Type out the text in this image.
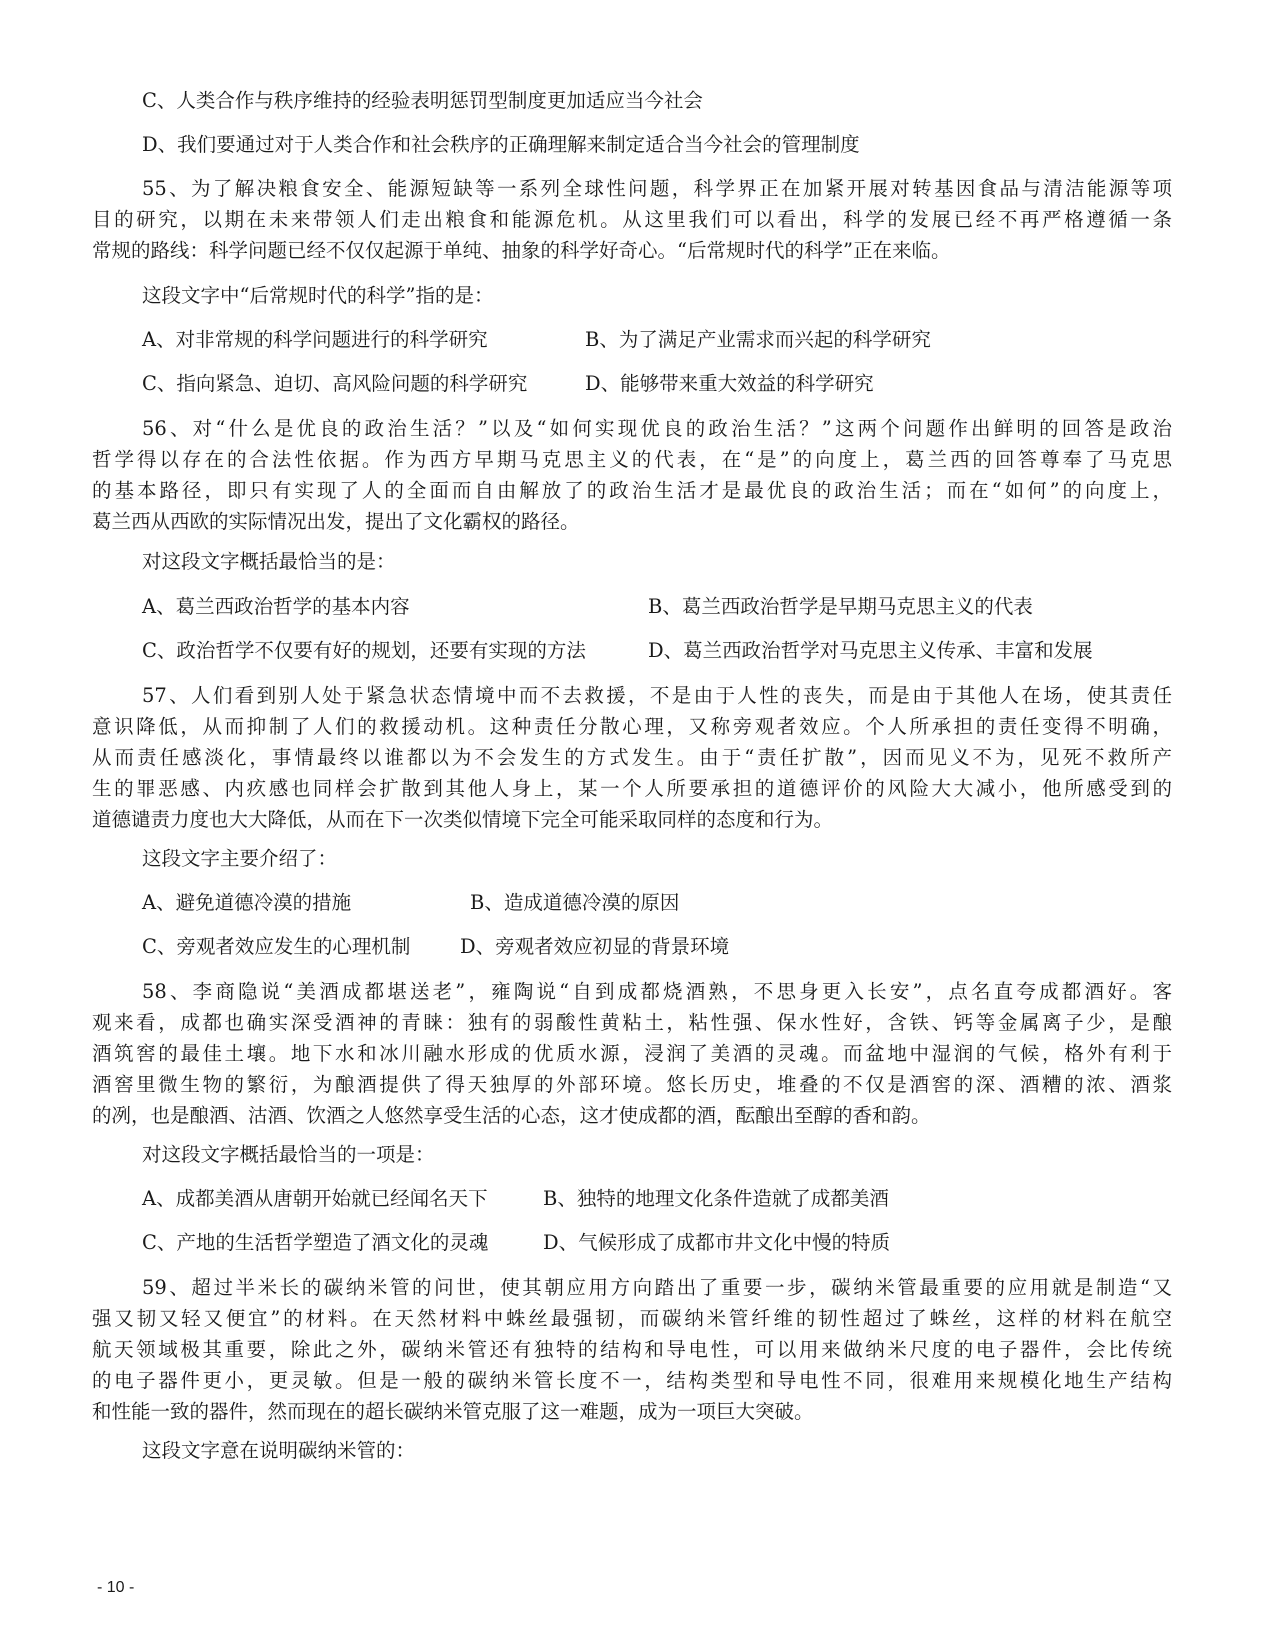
C、人类合作与秩序维持的经验表明惩罚型制度更加适应当今社会
D、我们要通过对于人类合作和社会秩序的正确理解来制定适合当今社会的管理制度
55、为了解决粮食安全、能源短缺等一系列全球性问题，科学界正在加紧开展对转基因食品与清洁能源等项
目的研究，以期在未来带领人们走出粮食和能源危机。从这里我们可以看出，科学的发展已经不再严格遵循一条
常规的路线：科学问题已经不仅仅起源于单纯、抽象的科学好奇心。“后常规时代的科学”正在来临。
这段文字中“后常规时代的科学”指的是：
A、对非常规的科学问题进行的科学研究	B、为了满足产业需求而兴起的科学研究
C、指向紧急、迫切、高风险问题的科学研究	D、能够带来重大效益的科学研究
56、对“什么是优良的政治生活？”以及“如何实现优良的政治生活？”这两个问题作出鲜明的回答是政治
哲学得以存在的合法性依据。作为西方早期马克思主义的代表，在“是”的向度上，葛兰西的回答尊奉了马克思
的基本路径，即只有实现了人的全面而自由解放了的政治生活才是最优良的政治生活；而在“如何”的向度上，
葛兰西从西欧的实际情况出发，提出了文化霸权的路径。
对这段文字概括最恰当的是：
A、葛兰西政治哲学的基本内容	B、葛兰西政治哲学是早期马克思主义的代表
C、政治哲学不仅要有好的规划，还要有实现的方法	D、葛兰西政治哲学对马克思主义传承、丰富和发展
57、人们看到别人处于紧急状态情境中而不去救援，不是由于人性的丧失，而是由于其他人在场，使其责任
意识降低，从而抑制了人们的救援动机。这种责任分散心理，又称旁观者效应。个人所承担的责任变得不明确，
从而责任感淡化，事情最终以谁都以为不会发生的方式发生。由于“责任扩散”，因而见义不为，见死不救所产
生的罪恶感、内疚感也同样会扩散到其他人身上，某一个人所要承担的道德评价的风险大大减小，他所感受到的
道德谴责力度也大大降低，从而在下一次类似情境下完全可能采取同样的态度和行为。
这段文字主要介绍了：
A、避免道德冷漠的措施	B、造成道德冷漠的原因
C、旁观者效应发生的心理机制	D、旁观者效应初显的背景环境
58、李商隐说“美酒成都堪送老”，雍陶说“自到成都烧酒熟，不思身更入长安”，点名直夸成都酒好。客
观来看，成都也确实深受酒神的青睐：独有的弱酸性黄粘土，粘性强、保水性好，含铁、钙等金属离子少，是酿
酒筑窖的最佳土壤。地下水和冰川融水形成的优质水源，浸润了美酒的灵魂。而盆地中湿润的气候，格外有利于
酒窖里微生物的繁衍，为酿酒提供了得天独厚的外部环境。悠长历史，堆叠的不仅是酒窖的深、酒糟的浓、酒浆
的冽，也是酿酒、沽酒、饮酒之人悠然享受生活的心态，这才使成都的酒，酝酿出至醇的香和韵。
对这段文字概括最恰当的一项是：
A、成都美酒从唐朝开始就已经闻名天下	B、独特的地理文化条件造就了成都美酒
C、产地的生活哲学塑造了酒文化的灵魂	D、气候形成了成都市井文化中慢的特质
59、超过半米长的碳纳米管的问世，使其朝应用方向踏出了重要一步，碳纳米管最重要的应用就是制造“又
强又韧又轻又便宜”的材料。在天然材料中蛛丝最强韧，而碳纳米管纤维的韧性超过了蛛丝，这样的材料在航空
航天领域极其重要，除此之外，碳纳米管还有独特的结构和导电性，可以用来做纳米尺度的电子器件，会比传统
的电子器件更小，更灵敏。但是一般的碳纳米管长度不一，结构类型和导电性不同，很难用来规模化地生产结构
和性能一致的器件，然而现在的超长碳纳米管克服了这一难题，成为一项巨大突破。
这段文字意在说明碳纳米管的：
- 10 -
